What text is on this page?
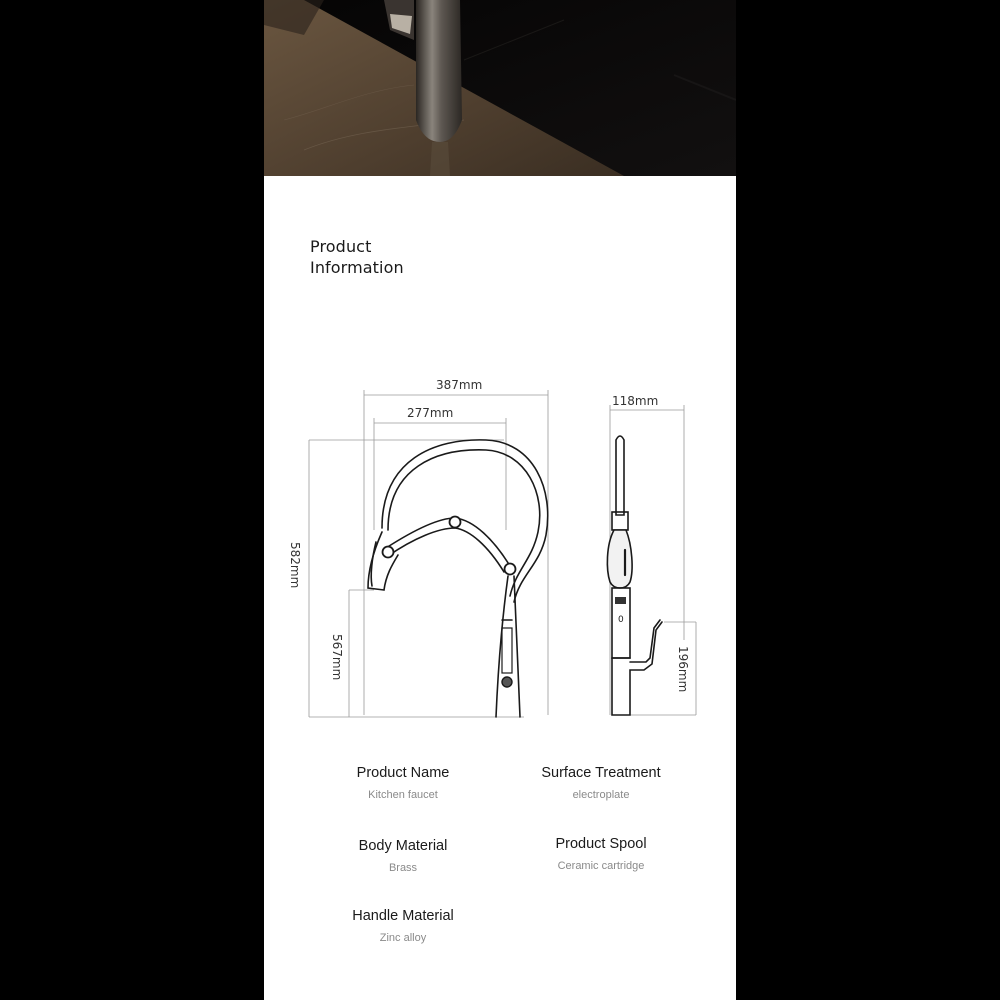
Product
Information
0
387mm
277mm
582mm
567mm
118mm
196mm
Product Name
Kitchen faucet
Surface Treatment
electroplate
Body Material
Brass
Product Spool
Ceramic cartridge
Handle Material
Zinc alloy
